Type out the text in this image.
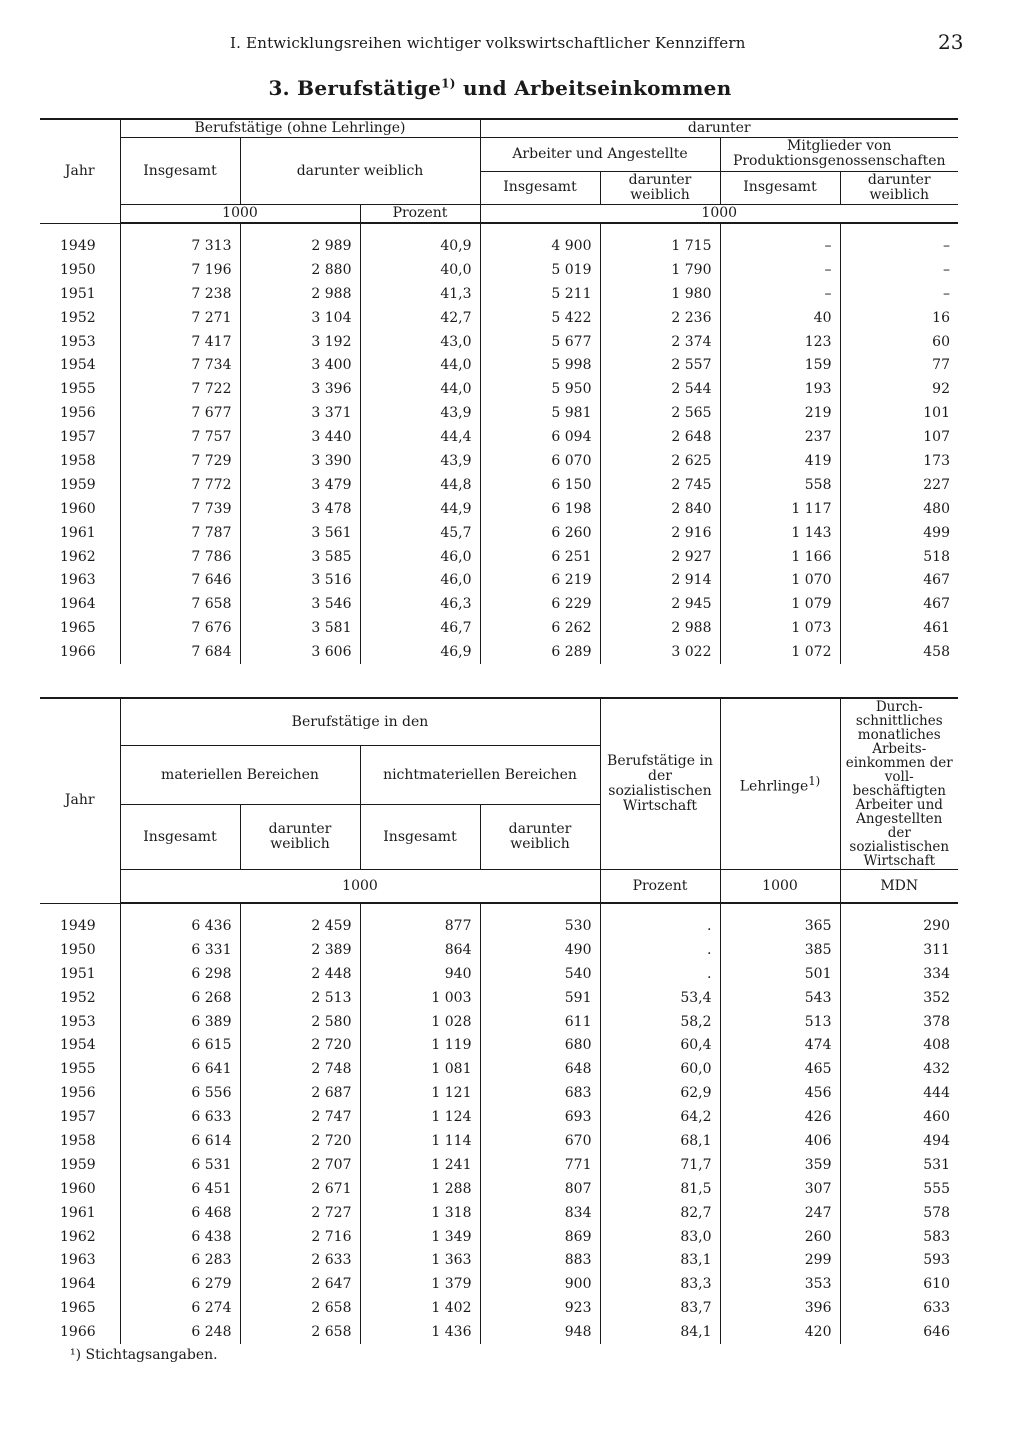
I. Entwicklungsreihen wichtiger volkswirtschaftlicher Kennziffern	23
3. Berufstätige$^{1)}$ und Arbeitseinkommen
Jahr	Berufstätige (ohne Lehrlinge)			darunter			
	Insgesamt	darunter weiblich		Arbeiter und Angestellte		Mitglieder von Produktionsgenossenschaften	
				Insgesamt	darunter weiblich	Insgesamt	darunter weiblich
	1000		Prozent	1000			
1949	7 313	2 989	40,9	4 900	1 715	–	–
1950	7 196	2 880	40,0	5 019	1 790	–	–
1951	7 238	2 988	41,3	5 211	1 980	–	–
1952	7 271	3 104	42,7	5 422	2 236	40	16
1953	7 417	3 192	43,0	5 677	2 374	123	60
1954	7 734	3 400	44,0	5 998	2 557	159	77
1955	7 722	3 396	44,0	5 950	2 544	193	92
1956	7 677	3 371	43,9	5 981	2 565	219	101
1957	7 757	3 440	44,4	6 094	2 648	237	107
1958	7 729	3 390	43,9	6 070	2 625	419	173
1959	7 772	3 479	44,8	6 150	2 745	558	227
1960	7 739	3 478	44,9	6 198	2 840	1 117	480
1961	7 787	3 561	45,7	6 260	2 916	1 143	499
1962	7 786	3 585	46,0	6 251	2 927	1 166	518
1963	7 646	3 516	46,0	6 219	2 914	1 070	467
1964	7 658	3 546	46,3	6 229	2 945	1 079	467
1965	7 676	3 581	46,7	6 262	2 988	1 073	461
1966	7 684	3 606	46,9	6 289	3 022	1 072	458
Jahr	Berufstätige in den				Berufstätige in der sozialistischen Wirtschaft	Lehrlinge$^{1)}$	Durchschnittliches monatliches Arbeitseinkommen der vollbeschäftigten Arbeiter und Angestellten der sozialistischen Wirtschaft
	materiellen Bereichen		nichtmateriellen Bereichen				
	Insgesamt	darunter weiblich	Insgesamt	darunter weiblich			
	1000				Prozent	1000	MDN
1949	6 436	2 459	877	530	.	365	290
1950	6 331	2 389	864	490	.	385	311
1951	6 298	2 448	940	540	.	501	334
1952	6 268	2 513	1 003	591	53,4	543	352
1953	6 389	2 580	1 028	611	58,2	513	378
1954	6 615	2 720	1 119	680	60,4	474	408
1955	6 641	2 748	1 081	648	60,0	465	432
1956	6 556	2 687	1 121	683	62,9	456	444
1957	6 633	2 747	1 124	693	64,2	426	460
1958	6 614	2 720	1 114	670	68,1	406	494
1959	6 531	2 707	1 241	771	71,7	359	531
1960	6 451	2 671	1 288	807	81,5	307	555
1961	6 468	2 727	1 318	834	82,7	247	578
1962	6 438	2 716	1 349	869	83,0	260	583
1963	6 283	2 633	1 363	883	83,1	299	593
1964	6 279	2 647	1 379	900	83,3	353	610
1965	6 274	2 658	1 402	923	83,7	396	633
1966	6 248	2 658	1 436	948	84,1	420	646
¹) Stichtagsangaben.
